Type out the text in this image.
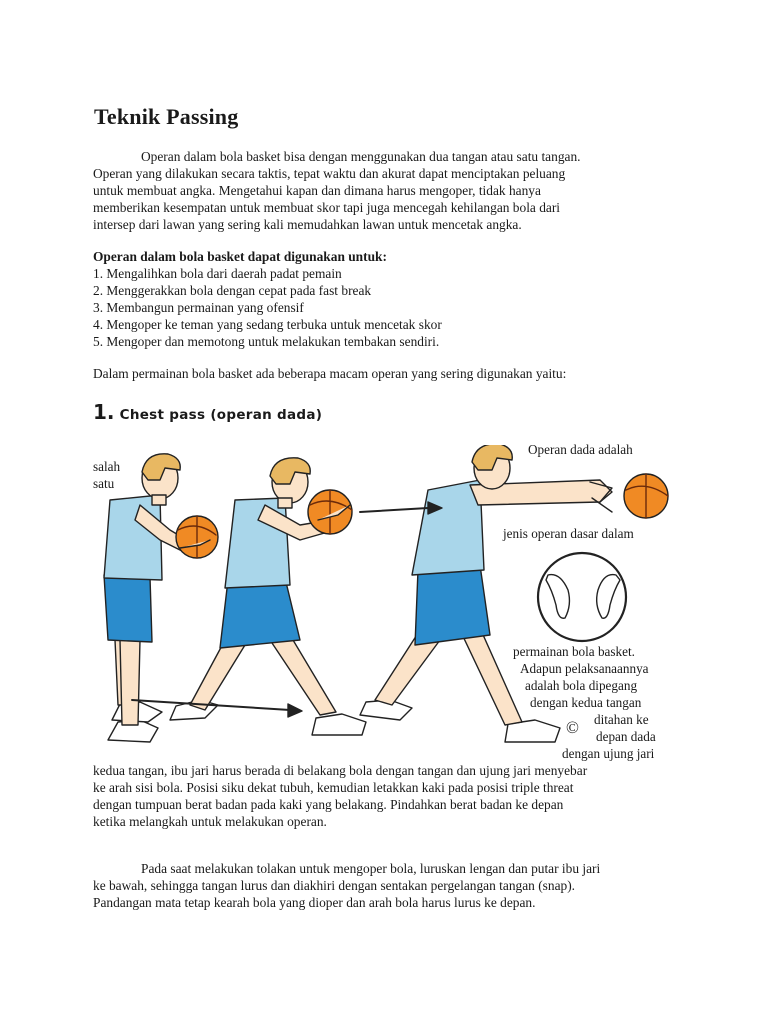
Teknik Passing
Operan dalam bola basket bisa dengan menggunakan dua tangan atau satu tangan.
Operan yang dilakukan secara taktis, tepat waktu dan akurat dapat menciptakan peluang
untuk membuat angka. Mengetahui kapan dan dimana harus mengoper, tidak hanya
memberikan kesempatan untuk membuat skor tapi juga mencegah kehilangan bola dari
intersep dari lawan yang sering kali memudahkan lawan untuk mencetak angka.
Operan dalam bola basket dapat digunakan untuk:
1. Mengalihkan bola dari daerah padat pemain
2. Menggerakkan bola dengan cepat pada fast break
3. Membangun permainan yang ofensif
4. Mengoper ke teman yang sedang terbuka untuk mencetak skor
5. Mengoper dan memotong untuk melakukan tembakan sendiri.
Dalam permainan bola basket ada beberapa macam operan yang sering digunakan yaitu:
1. Chest pass (operan dada)
salah
satu
Operan dada adalah
jenis operan dasar dalam
permainan bola basket.
Adapun pelaksanaannya
adalah bola dipegang
dengan kedua tangan
ditahan ke
© depan dada
dengan ujung jari
kedua tangan, ibu jari harus berada di belakang bola dengan tangan dan ujung jari menyebar
ke arah sisi bola. Posisi siku dekat tubuh, kemudian letakkan kaki pada posisi triple threat
dengan tumpuan berat badan pada kaki yang belakang. Pindahkan berat badan ke depan
ketika melangkah untuk melakukan operan.
Pada saat melakukan tolakan untuk mengoper bola, luruskan lengan dan putar ibu jari
ke bawah, sehingga tangan lurus dan diakhiri dengan sentakan pergelangan tangan (snap).
Pandangan mata tetap kearah bola yang dioper dan arah bola harus lurus ke depan.
